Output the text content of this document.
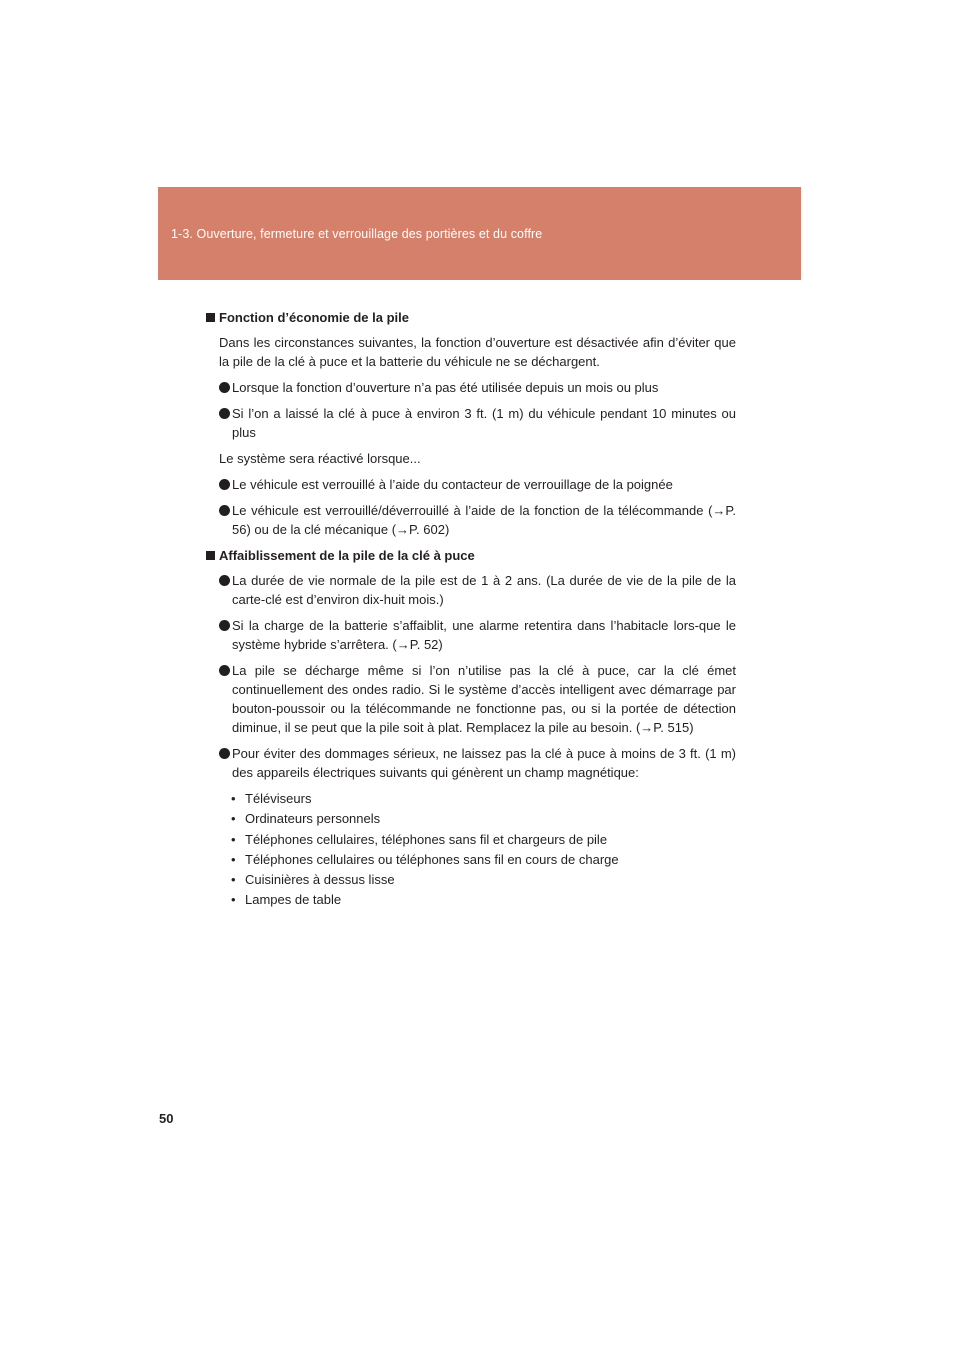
1-3. Ouverture, fermeture et verrouillage des portières et du coffre
Fonction d’économie de la pile
Dans les circonstances suivantes, la fonction d’ouverture est désactivée afin d’éviter que la pile de la clé à puce et la batterie du véhicule ne se déchargent.
Lorsque la fonction d’ouverture n’a pas été utilisée depuis un mois ou plus
Si l’on a laissé la clé à puce à environ 3 ft. (1 m) du véhicule pendant 10 minutes ou plus
Le système sera réactivé lorsque...
Le véhicule est verrouillé à l’aide du contacteur de verrouillage de la poignée
Le véhicule est verrouillé/déverrouillé à l’aide de la fonction de la télécommande (→P. 56) ou de la clé mécanique (→P. 602)
Affaiblissement de la pile de la clé à puce
La durée de vie normale de la pile est de 1 à 2 ans. (La durée de vie de la pile de la carte-clé est d’environ dix-huit mois.)
Si la charge de la batterie s’affaiblit, une alarme retentira dans l’habitacle lors-que le système hybride s’arrêtera. (→P. 52)
La pile se décharge même si l’on n’utilise pas la clé à puce, car la clé émet continuellement des ondes radio. Si le système d’accès intelligent avec démarrage par bouton-poussoir ou la télécommande ne fonctionne pas, ou si la portée de détection diminue, il se peut que la pile soit à plat. Remplacez la pile au besoin. (→P. 515)
Pour éviter des dommages sérieux, ne laissez pas la clé à puce à moins de 3 ft. (1 m) des appareils électriques suivants qui génèrent un champ magnétique:
• Téléviseurs
• Ordinateurs personnels
• Téléphones cellulaires, téléphones sans fil et chargeurs de pile
• Téléphones cellulaires ou téléphones sans fil en cours de charge
• Cuisinières à dessus lisse
• Lampes de table
50
